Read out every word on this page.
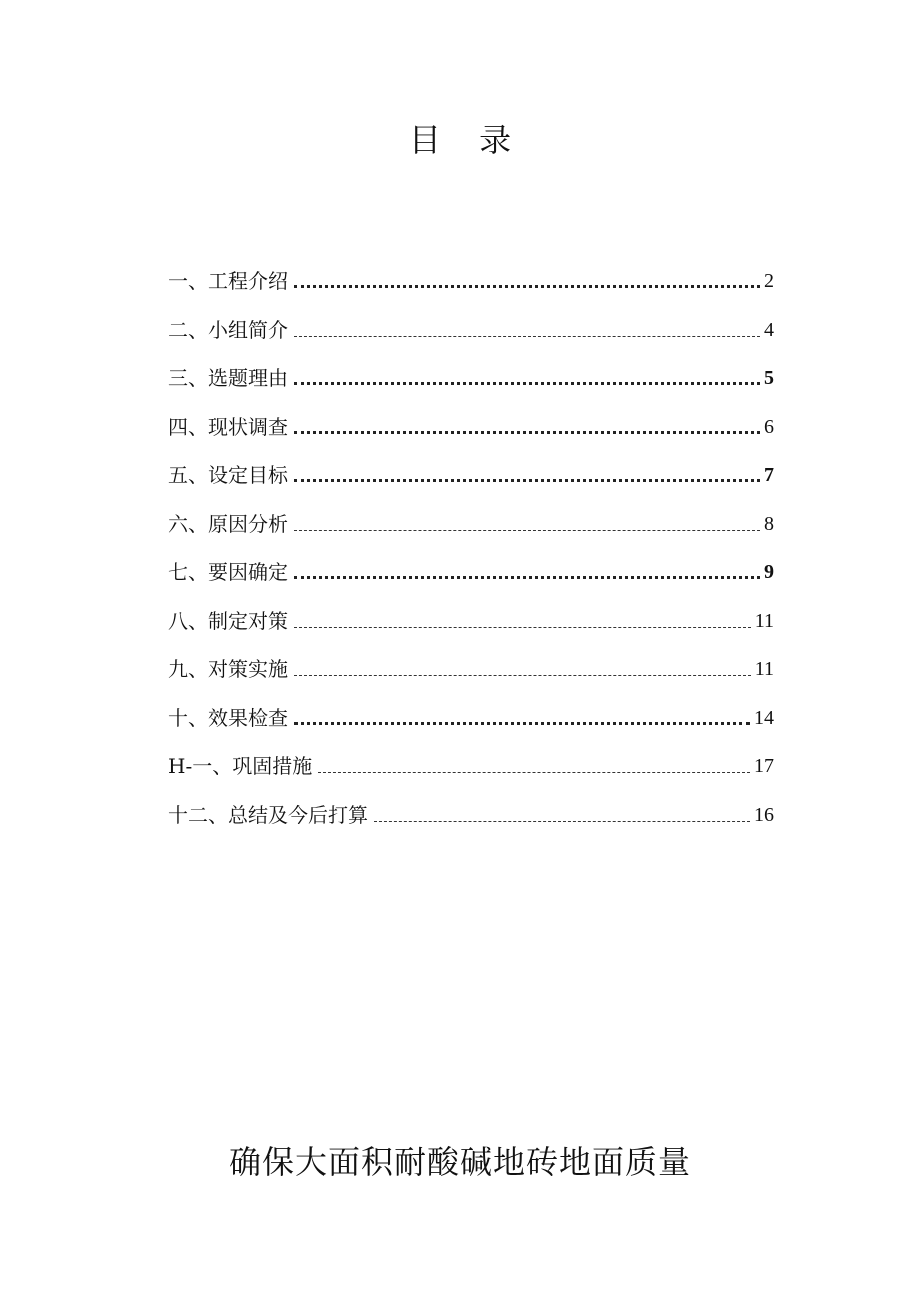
目 录
一、工程介绍	2
二、小组简介	4
三、选题理由	5
四、现状调查	6
五、设定目标	7
六、原因分析	8
七、要因确定	9
八、制定对策	11
九、对策实施	11
十、效果检查	14
H-一、巩固措施	17
十二、总结及今后打算	16
确保大面积耐酸碱地砖地面质量
